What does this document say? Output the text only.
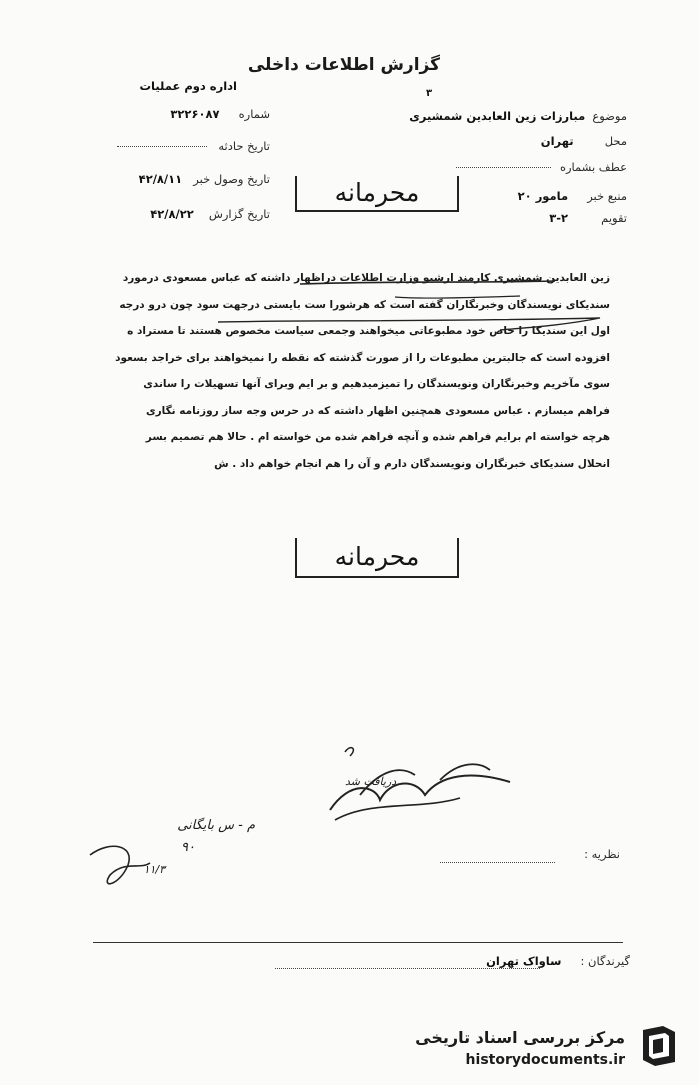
گزارش اطلاعات داخلی
اداره دوم عملیات
۳
شماره ۳۲۲۶۰۸۷
تاریخ حادثه
تاریخ وصول خبر ۴۲/۸/۱۱
تاریخ گزارش ۴۲/۸/۲۲
موضوع مبارزات زین العابدین شمشیری
محل تهران
عطف بشماره
منبع خبر مامور ۲۰
تقویم ۲-۳
محرمانه
زین العابدین شمشیری کارمند ارشیو وزارت اطلاعات دراظهار داشته که عباس مسعودی درمورد
سندیکای نویسندگان وخبرنگاران گفته است که هرشورا ست بایستی درجهت سود چون درو درجه
اول این سندیکا را خاص خود مطبوعاتی میخواهند وجمعی سیاست مخصوص هستند تا مستراد ه
افزوده است که جالبترین مطبوعات را از صورت گذشته که نقطه را نمیخواهند برای خراجد بسعود
سوی مآخریم وخبرنگاران ونویسندگان را تمیزمیدهیم و بر ایم وبرای آنها تسهیلات را ساندی
فراهم میسازم . عباس مسعودی همچنین اظهار داشته که در حرس وجه ساز روزنامه نگاری
هرچه خواسته ام برایم فراهم شده و آنچه فراهم شده من خواسته ام . حالا هم تصمیم بسر
انحلال سندیکای خبرنگاران ونویسندگان دارم و آن را هم انجام خواهم داد . ش
محرمانه
دریافت شد
م - س بایگانی
۹۰
۱۱/۳
نظریه :
گیرندگان : ساواک تهران
مرکز بررسی اسناد تاریخی
historydocuments.ir
